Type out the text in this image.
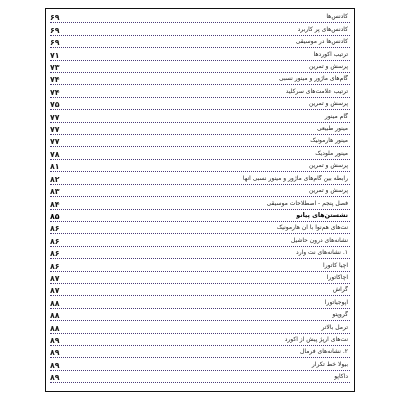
۶۹	کادنس‌ها
۶۹	کادنس‌های پر کاربرد
۶۹	کادنس‌ها در موسیقی
۷۱	ترتیب آکوردها
۷۳	پرسش و تمرین
۷۴	گام‌های ماژور و مینور نسبی
۷۴	ترتیب علامت‌های سرکلید
۷۵	پرسش و تمرین
۷۷	گام مینور
۷۷	مینور طبیعی
۷۷	مینور هارمونیک
۷۸	مینور ملودیک
۸۱	پرسش و تمرین
۸۲	رابطه بین گام‌های ماژور و مینور نسبی آنها
۸۳	پرسش و تمرین
۸۴	فصل پنجم - اصطلاحات موسیقی
۸۵	نشستن‌های پیانو
۸۶	نت‌های هم‌نوا با آن هارمونیک
۸۶	نشانه‌های درون حاشیل
۸۶	۱. نشانه‌های نت وارد
۸۶	آچیا کاتورا
۸۷	آچاکاتورا
۸۷	گراش
۸۸	آپوجیاتورا
۸۸	گروپتو
۸۸	ترمل بالاتر
۸۹	نت‌های آرپژ پیش از آکورد
۸۹	۲. نشانه‌های فرمال
۸۹	بیولا خط تکرار
۸۹	داکاپو
